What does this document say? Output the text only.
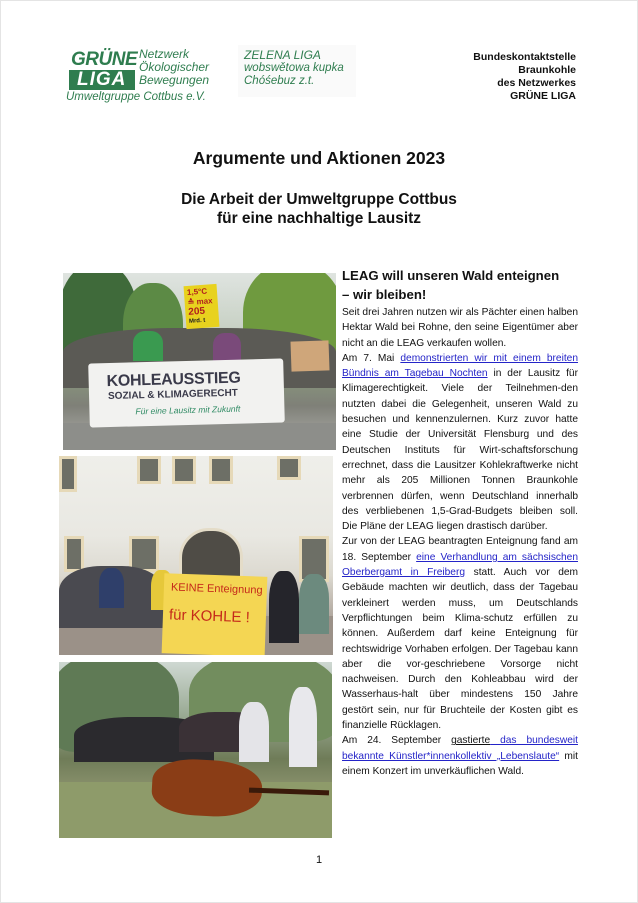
GRÜNE
LIGA
Netzwerk
Ökologischer
Bewegungen
Umweltgruppe Cottbus e.V.
ZELENA LIGA
wobswětowa kupka
Chóśebuz z.t.
Bundeskontaktstelle
Braunkohle
des Netzwerkes
GRÜNE LIGA
Argumente und Aktionen 2023
Die Arbeit der Umweltgruppe Cottbus
für eine nachhaltige Lausitz
1,5°C
≙ max
205
Mrd. t
KOHLEAUSSTIEG
SOZIAL & KLIMAGERECHT
Für eine Lausitz mit Zukunft
KEINE Enteignung
für KOHLE !
LEAG will unseren Wald enteignen
– wir bleiben!

Seit drei Jahren nutzen wir als Pächter einen halben Hektar Wald bei Rohne, den seine Eigentümer aber nicht an die LEAG verkaufen wollen.

Am 7. Mai demonstrierten wir mit einem breiten Bündnis am Tagebau Nochten in der Lausitz für Klimagerechtigkeit. Viele der Teilnehmen-den nutzten dabei die Gelegenheit, unseren Wald zu besuchen und kennenzulernen. Kurz zuvor hatte eine Studie der Universität Flensburg und des Deutschen Instituts für Wirt-schaftsforschung errechnet, dass die Lausitzer Kohlekraftwerke nicht mehr als 205 Millionen Tonnen Braunkohle verbrennen dürfen, wenn Deutschland innerhalb des verbliebenen 1,5-Grad-Budgets bleiben soll. Die Pläne der LEAG liegen drastisch darüber.

Zur von der LEAG beantragten Enteignung fand am 18. September eine Verhandlung am sächsischen Oberbergamt in Freiberg statt. Auch vor dem Gebäude machten wir deutlich, dass der Tagebau verkleinert werden muss, um Deutschlands Verpflichtungen beim Klima-schutz erfüllen zu können. Außerdem darf keine Enteignung für rechtswidrige Vorhaben erfolgen. Der Tagebau kann aber die vor-geschriebene Vorsorge nicht nachweisen. Durch den Kohleabbau wird der Wasserhaus-halt über mindestens 150 Jahre gestört sein, nur für Bruchteile der Kosten gibt es finanzielle Rücklagen.

Am 24. September gastierte das bundesweit bekannte Künstler*innenkollektiv „Lebenslaute“ mit einem Konzert im unverkäuflichen Wald.

1
